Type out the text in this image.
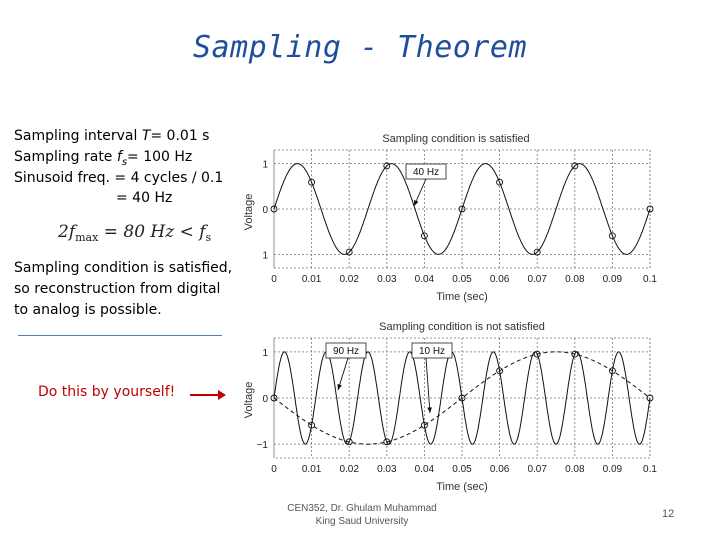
Sampling - Theorem
Sampling interval T= 0.01 s
Sampling rate $f_s= 100$ Hz
Sinusoid freq. = 4 cycles / 0.1
= 40 Hz
$2f_{max} = 80$ $Hz < f_s$
Sampling condition is satisfied,
so reconstruction from digital
to analog is possible.
Do this by yourself!
0	0.01 0.02 0.03 0.04 0.05 0.06 0.07 0.08 0.09 0.1
1
0
1
40 Hz
Sampling condition is satisfied
Time (sec)
Voltage
0	0.01 0.02 0.03 0.04 0.05 0.06 0.07 0.08 0.09 0.1
1
0
−1
90 Hz	10 Hz
Sampling condition is not satisfied
Time (sec)
Voltage
CEN352, Dr. Ghulam Muhammad
King Saud University
12
